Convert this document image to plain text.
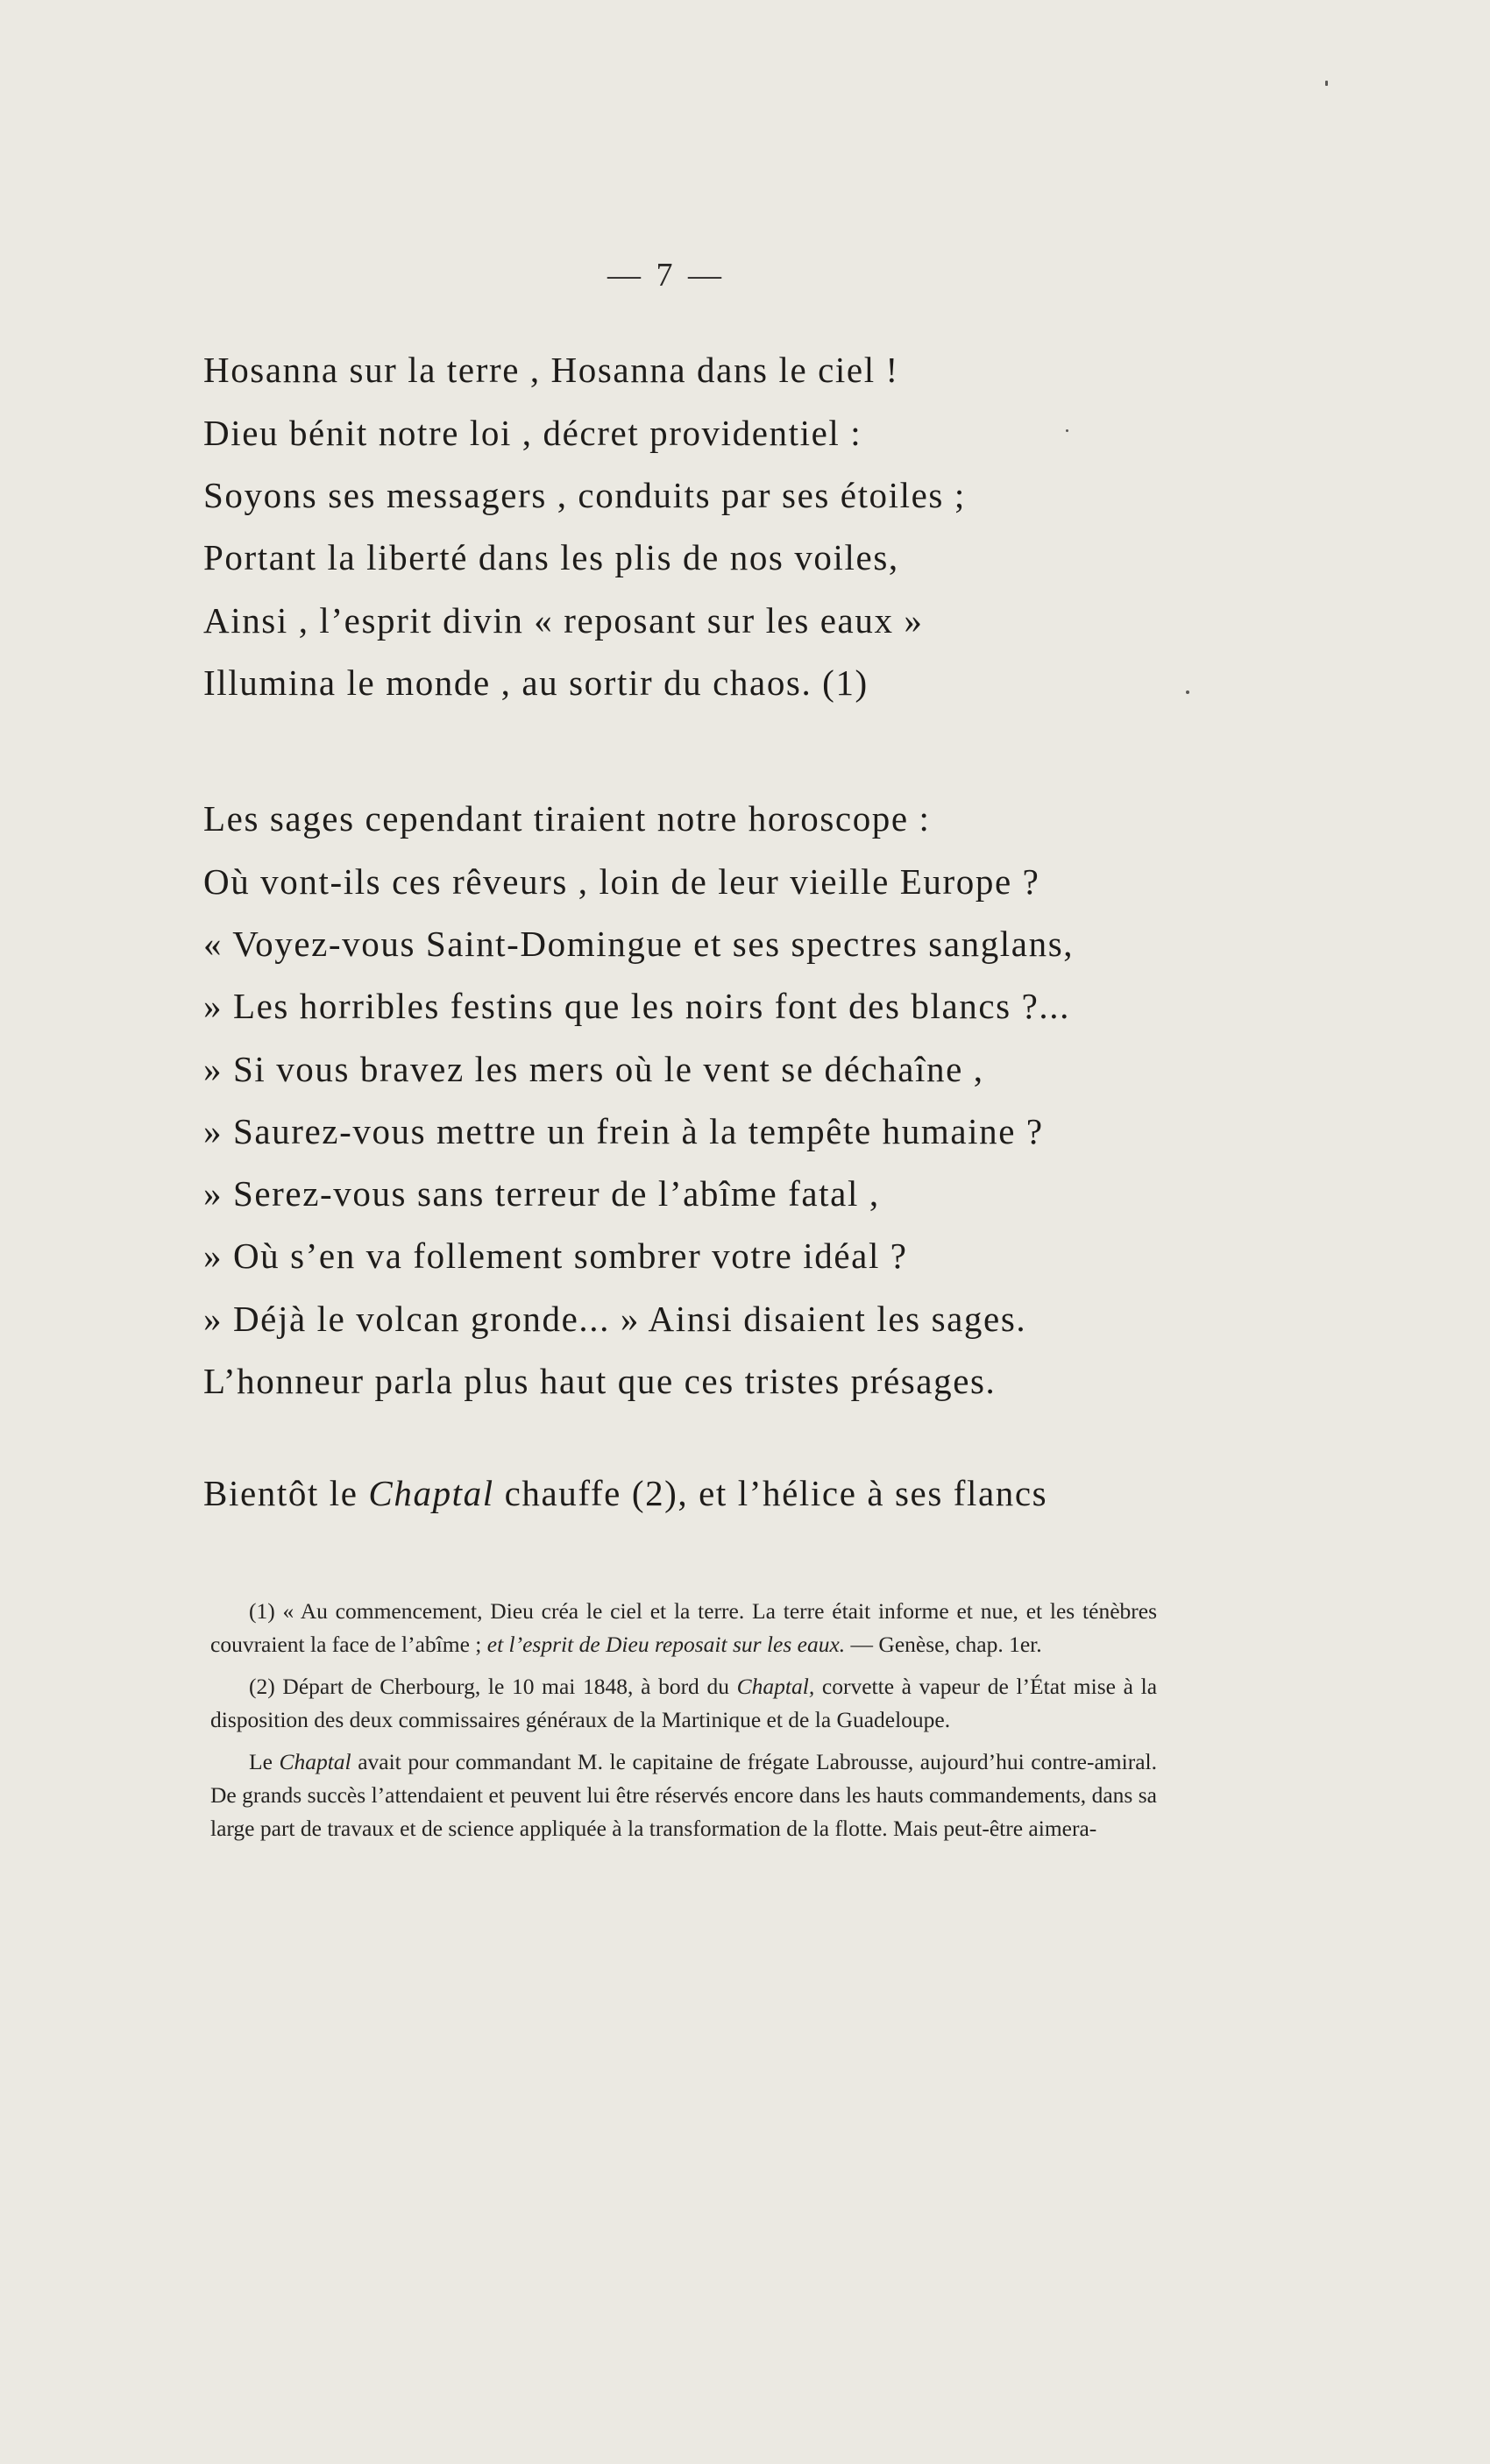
— 7 —
Hosanna sur la terre , Hosanna dans le ciel !
Dieu bénit notre loi , décret providentiel :
Soyons ses messagers , conduits par ses étoiles ;
Portant la liberté dans les plis de nos voiles,
Ainsi , l’esprit divin « reposant sur les eaux »
Illumina le monde , au sortir du chaos. (1)
Les sages cependant tiraient notre horoscope :
Où vont-ils ces rêveurs , loin de leur vieille Europe ?
« Voyez-vous Saint-Domingue et ses spectres sanglans,
» Les horribles festins que les noirs font des blancs ?...
» Si vous bravez les mers où le vent se déchaîne ,
» Saurez-vous mettre un frein à la tempête humaine ?
» Serez-vous sans terreur de l’abîme fatal ,
» Où s’en va follement sombrer votre idéal ?
» Déjà le volcan gronde... » Ainsi disaient les sages.
L’honneur parla plus haut que ces tristes présages.
Bientôt le Chaptal chauffe (2), et l’hélice à ses flancs

(1) « Au commencement, Dieu créa le ciel et la terre. La terre était informe et nue, et les ténèbres couvraient la face de l’abîme ; et l’esprit de Dieu reposait sur les eaux. — Genèse, chap. 1er.

(2) Départ de Cherbourg, le 10 mai 1848, à bord du Chaptal, corvette à vapeur de l’État mise à la disposition des deux commissaires généraux de la Martinique et de la Guadeloupe.

Le Chaptal avait pour commandant M. le capitaine de frégate Labrousse, aujourd’hui contre-amiral. De grands succès l’attendaient et peuvent lui être réservés encore dans les hauts commandements, dans sa large part de travaux et de science appliquée à la transformation de la flotte. Mais peut-être aimera-
